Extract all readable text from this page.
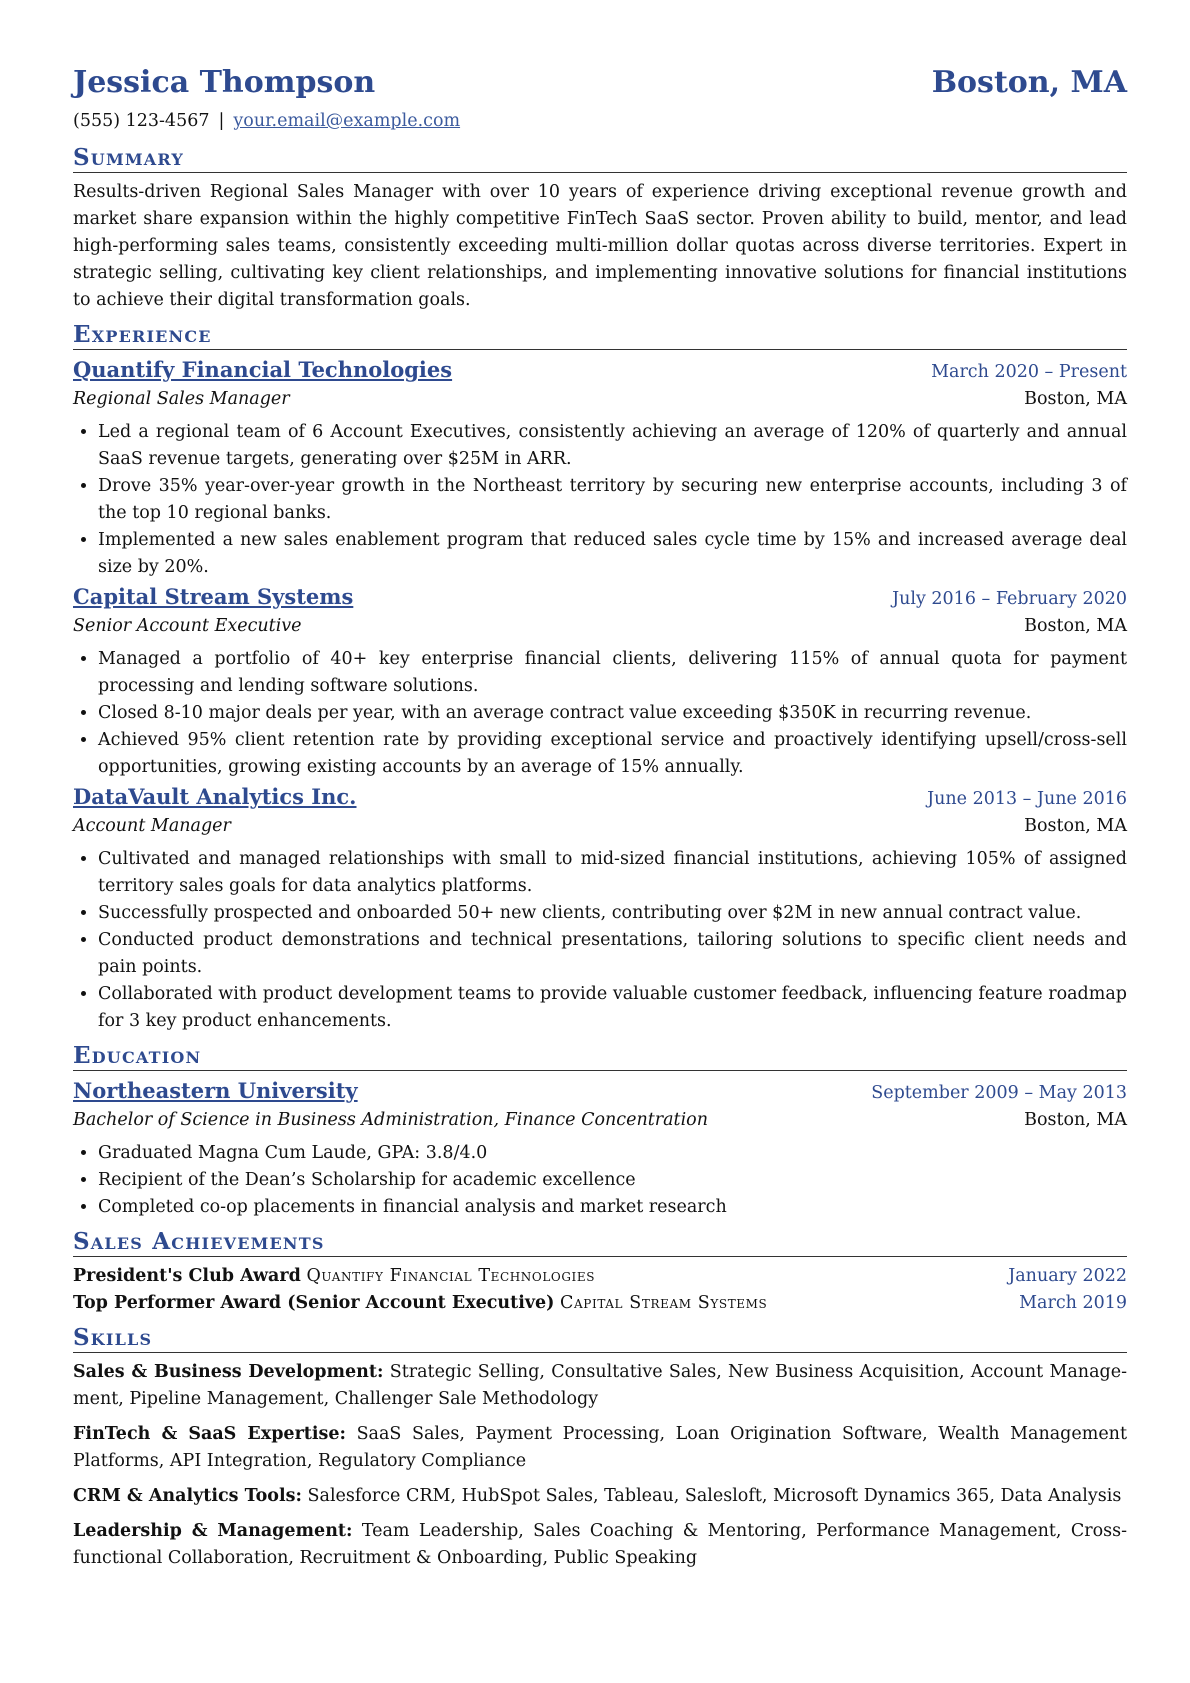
Jessica Thompson	Boston, MA
(555) 123-4567 | your.email@example.com
Summary
Results-driven Regional Sales Manager with over 10 years of experience driving exceptional revenue growth and market share expansion within the highly competitive FinTech SaaS sector. Proven ability to build, mentor, and lead high-performing sales teams, consistently exceeding multi-million dollar quotas across diverse territories. Expert in strategic selling, cultivating key client relationships, and implementing innovative solutions for financial institutions to achieve their digital transformation goals.
Experience
Quantify Financial Technologies	March 2020 – Present
Regional Sales Manager	Boston, MA
• Led a regional team of 6 Account Executives, consistently achieving an average of 120% of quarterly and annual SaaS revenue targets, generating over $25M in ARR.
• Drove 35% year-over-year growth in the Northeast territory by securing new enterprise accounts, including 3 of the top 10 regional banks.
• Implemented a new sales enablement program that reduced sales cycle time by 15% and increased average deal size by 20%.
Capital Stream Systems	July 2016 – February 2020
Senior Account Executive	Boston, MA
• Managed a portfolio of 40+ key enterprise financial clients, delivering 115% of annual quota for payment processing and lending software solutions.
• Closed 8-10 major deals per year, with an average contract value exceeding $350K in recurring revenue.
• Achieved 95% client retention rate by providing exceptional service and proactively identifying upsell/cross-sell opportunities, growing existing accounts by an average of 15% annually.
DataVault Analytics Inc.	June 2013 – June 2016
Account Manager	Boston, MA
• Cultivated and managed relationships with small to mid-sized financial institutions, achieving 105% of assigned territory sales goals for data analytics platforms.
• Successfully prospected and onboarded 50+ new clients, contributing over $2M in new annual contract value.
• Conducted product demonstrations and technical presentations, tailoring solutions to specific client needs and pain points.
• Collaborated with product development teams to provide valuable customer feedback, influencing feature roadmap for 3 key product enhancements.
Education
Northeastern University	September 2009 – May 2013
Bachelor of Science in Business Administration, Finance Concentration	Boston, MA
• Graduated Magna Cum Laude, GPA: 3.8/4.0
• Recipient of the Dean’s Scholarship for academic excellence
• Completed co-op placements in financial analysis and market research
Sales Achievements
President's Club Award Quantify Financial Technologies	January 2022
Top Performer Award (Senior Account Executive) Capital Stream Systems	March 2019
Skills
Sales & Business Development: Strategic Selling, Consultative Sales, New Business Acquisition, Account Management, Pipeline Management, Challenger Sale Methodology
FinTech & SaaS Expertise: SaaS Sales, Payment Processing, Loan Origination Software, Wealth Management Platforms, API Integration, Regulatory Compliance
CRM & Analytics Tools: Salesforce CRM, HubSpot Sales, Tableau, Salesloft, Microsoft Dynamics 365, Data Analysis
Leadership & Management: Team Leadership, Sales Coaching & Mentoring, Performance Management, Cross-functional Collaboration, Recruitment & Onboarding, Public Speaking
